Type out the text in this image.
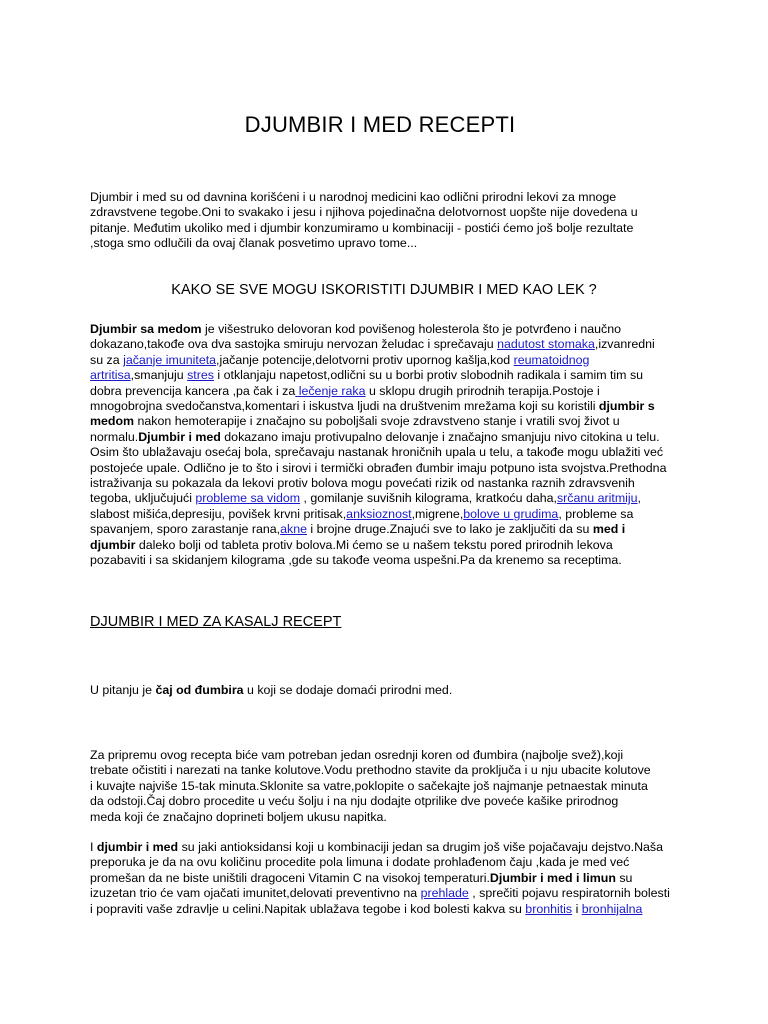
DJUMBIR I MED RECEPTI

Djumbir i med su od davnina korišćeni i u narodnoj medicini kao odlični prirodni lekovi za mnoge
zdravstvene tegobe.Oni to svakako i jesu i njihova pojedinačna delotvornost uopšte nije dovedena u
pitanje. Međutim ukoliko med i djumbir konzumiramo u kombinaciji - postići ćemo još bolje rezultate
,stoga smo odlučili da ovaj članak posvetimo upravo tome...

KAKO SE SVE MOGU ISKORISTITI DJUMBIR I MED KAO LEK ?

Djumbir sa medom je višestruko delovoran kod povišenog holesterola što je potvrđeno i naučno
dokazano,takođe ova dva sastojka smiruju nervozan želudac i sprečavaju nadutost stomaka,izvanredni
su za jačanje imuniteta,jačanje potencije,delotvorni protiv upornog kašlja,kod reumatoidnog
artritisa,smanjuju stres i otklanjaju napetost,odlični su u borbi protiv slobodnih radikala i samim tim su
dobra prevencija kancera ,pa čak i za lečenje raka u sklopu drugih prirodnih terapija.Postoje i
mnogobrojna svedočanstva,komentari i iskustva ljudi na društvenim mrežama koji su koristili djumbir s
medom nakon hemoterapije i značajno su poboljšali svoje zdravstveno stanje i vratili svoj život u
normalu.Djumbir i med dokazano imaju protivupalno delovanje i značajno smanjuju nivo citokina u telu.
Osim što ublažavaju osećaj bola, sprečavaju nastanak hroničnih upala u telu, a takođe mogu ublažiti već
postojeće upale. Odlično je to što i sirovi i termički obrađen đumbir imaju potpuno ista svojstva.Prethodna
istraživanja su pokazala da lekovi protiv bolova mogu povećati rizik od nastanka raznih zdravsvenih
tegoba, uključujući probleme sa vidom , gomilanje suvišnih kilograma, kratkoću daha,srčanu aritmiju,
slabost mišića,depresiju, povišek krvni pritisak,anksioznost,migrene,bolove u grudima, probleme sa
spavanjem, sporo zarastanje rana,akne i brojne druge.Znajući sve to lako je zaključiti da su med i
djumbir daleko bolji od tableta protiv bolova.Mi ćemo se u našem tekstu pored prirodnih lekova
pozabaviti i sa skidanjem kilograma ,gde su takođe veoma uspešni.Pa da krenemo sa receptima.

DJUMBIR I MED ZA KASALJ RECEPT

U pitanju je čaj od đumbira u koji se dodaje domaći prirodni med.

Za pripremu ovog recepta biće vam potreban jedan osrednji koren od đumbira (najbolje svež),koji
trebate očistiti i narezati na tanke kolutove.Vodu prethodno stavite da proključa i u nju ubacite kolutove
i kuvajte najviše 15-tak minuta.Sklonite sa vatre,poklopite o sačekajte još najmanje petnaestak minuta
da odstoji.Čaj dobro procedite u veću šolju i na nju dodajte otprilike dve poveće kašike prirodnog
meda koji će značajno doprineti boljem ukusu napitka.

I djumbir i med su jaki antioksidansi koji u kombinaciji jedan sa drugim još više pojačavaju dejstvo.Naša
preporuka je da na ovu količinu procedite pola limuna i dodate prohlađenom čaju ,kada je med već
promešan da ne biste uništili dragoceni Vitamin C na visokoj temperaturi.Djumbir i med i limun su
izuzetan trio će vam ojačati imunitet,delovati preventivno na prehlade , sprečiti pojavu respiratornih bolesti
i popraviti vaše zdravlje u celini.Napitak ublažava tegobe i kod bolesti kakva su bronhitis i bronhijalna
